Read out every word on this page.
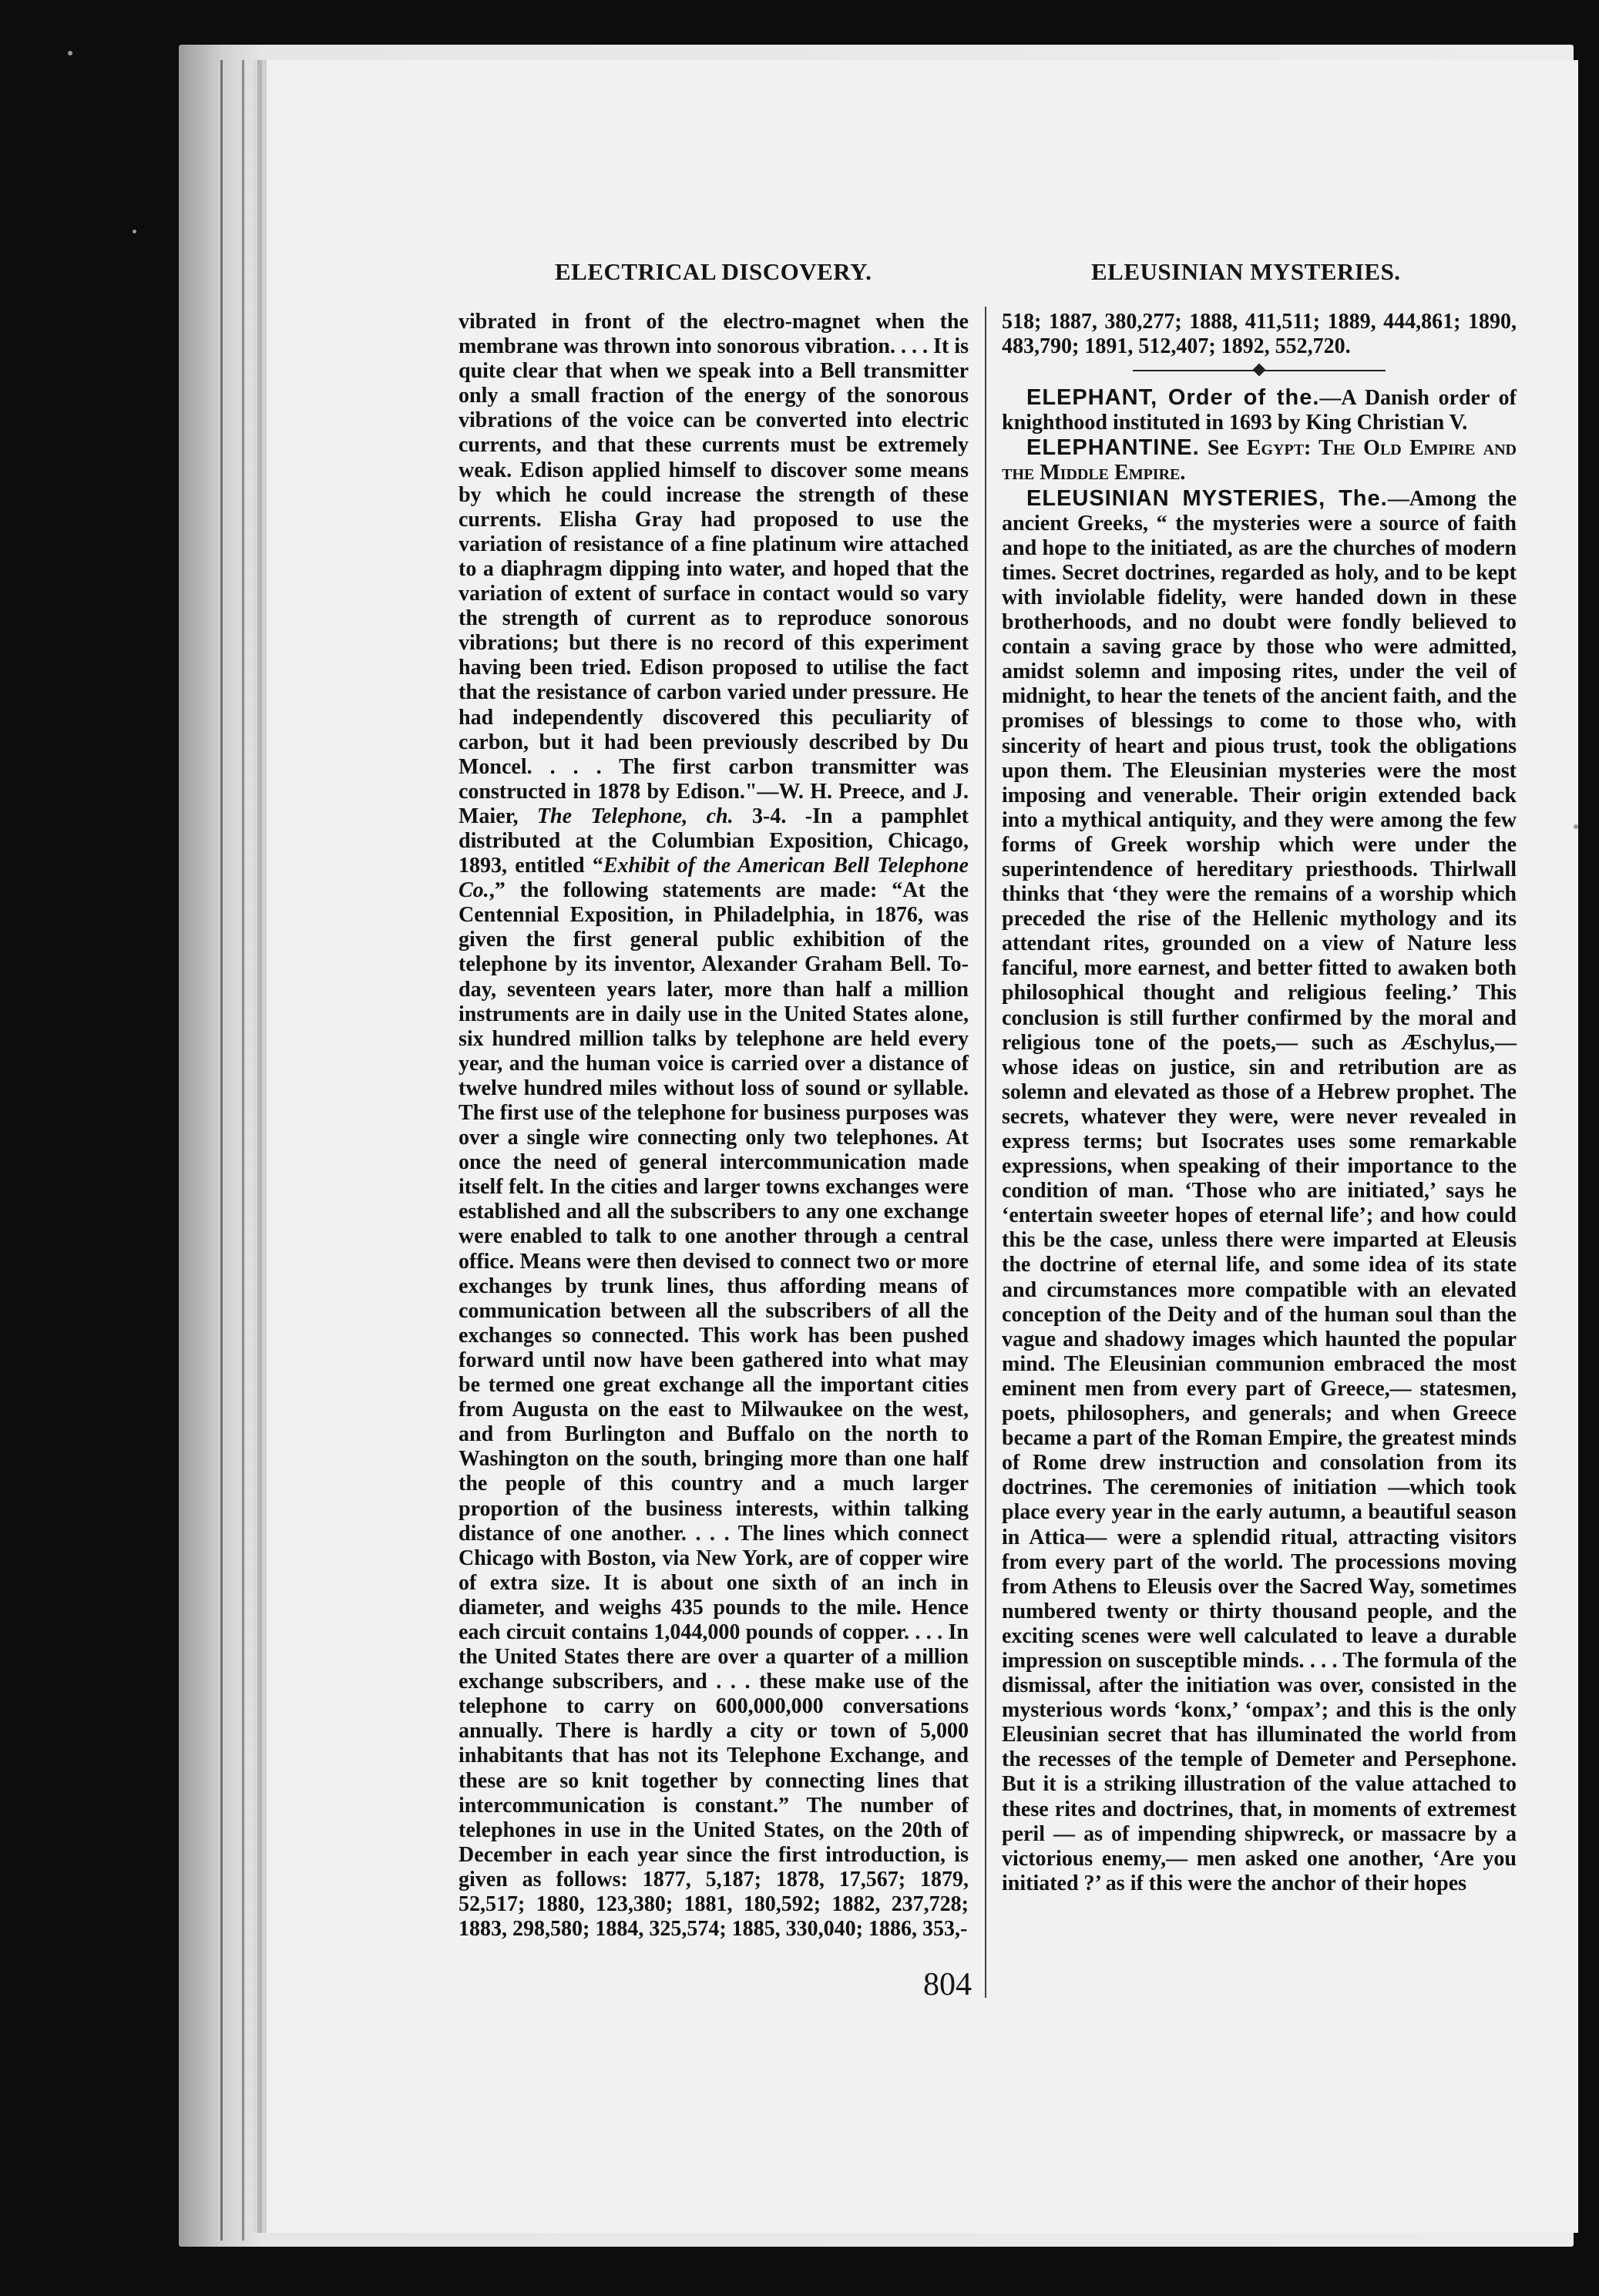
ELECTRICAL DISCOVERY.	ELEUSINIAN MYSTERIES.

vibrated in front of the electro-magnet when the membrane was thrown into sonorous vibration. . . . It is quite clear that when we speak into a Bell transmitter only a small fraction of the energy of the sonorous vibrations of the voice can be converted into electric currents, and that these currents must be extremely weak. Edison applied himself to discover some means by which he could increase the strength of these currents. Elisha Gray had proposed to use the variation of resistance of a fine platinum wire attached to a diaphragm dipping into water, and hoped that the variation of extent of surface in contact would so vary the strength of current as to reproduce sonorous vibrations; but there is no record of this experiment having been tried. Edison proposed to utilise the fact that the resistance of carbon varied under pressure. He had independently discovered this peculiarity of carbon, but it had been previously described by Du Moncel. . . . The first carbon transmitter was constructed in 1878 by Edison."—W. H. Preece, and J. Maier, The Telephone, ch. 3-4. -In a pamphlet distributed at the Columbian Exposition, Chicago, 1893, entitled “Exhibit of the American Bell Telephone Co.,” the following statements are made: “At the Centennial Exposition, in Philadelphia, in 1876, was given the first general public exhibition of the telephone by its inventor, Alexander Graham Bell. To-day, seventeen years later, more than half a million instruments are in daily use in the United States alone, six hundred million talks by telephone are held every year, and the human voice is carried over a distance of twelve hundred miles without loss of sound or syllable. The first use of the telephone for business purposes was over a single wire connecting only two telephones. At once the need of general intercommunication made itself felt. In the cities and larger towns exchanges were established and all the subscribers to any one exchange were enabled to talk to one another through a central office. Means were then devised to connect two or more exchanges by trunk lines, thus affording means of communication between all the subscribers of all the exchanges so connected. This work has been pushed forward until now have been gathered into what may be termed one great exchange all the important cities from Augusta on the east to Milwaukee on the west, and from Burlington and Buffalo on the north to Washington on the south, bringing more than one half the people of this country and a much larger proportion of the business interests, within talking distance of one another. . . . The lines which connect Chicago with Boston, via New York, are of copper wire of extra size. It is about one sixth of an inch in diameter, and weighs 435 pounds to the mile. Hence each circuit contains 1,044,000 pounds of copper. . . . In the United States there are over a quarter of a million exchange subscribers, and . . . these make use of the telephone to carry on 600,000,000 conversations annually. There is hardly a city or town of 5,000 inhabitants that has not its Telephone Exchange, and these are so knit together by connecting lines that intercommunication is constant.” The number of telephones in use in the United States, on the 20th of December in each year since the first introduction, is given as follows: 1877, 5,187; 1878, 17,567; 1879, 52,517; 1880, 123,380; 1881, 180,592; 1882, 237,728; 1883, 298,580; 1884, 325,574; 1885, 330,040; 1886, 353,-

518; 1887, 380,277; 1888, 411,511; 1889, 444,861; 1890, 483,790; 1891, 512,407; 1892, 552,720.

ELEPHANT, Order of the.—A Danish order of knighthood instituted in 1693 by King Christian V.

ELEPHANTINE. See Egypt: The Old Empire and the Middle Empire.

ELEUSINIAN MYSTERIES, The.—Among the ancient Greeks, “ the mysteries were a source of faith and hope to the initiated, as are the churches of modern times. Secret doctrines, regarded as holy, and to be kept with inviolable fidelity, were handed down in these brotherhoods, and no doubt were fondly believed to contain a saving grace by those who were admitted, amidst solemn and imposing rites, under the veil of midnight, to hear the tenets of the ancient faith, and the promises of blessings to come to those who, with sincerity of heart and pious trust, took the obligations upon them. The Eleusinian mysteries were the most imposing and venerable. Their origin extended back into a mythical antiquity, and they were among the few forms of Greek worship which were under the superintendence of hereditary priesthoods. Thirlwall thinks that ‘they were the remains of a worship which preceded the rise of the Hellenic mythology and its attendant rites, grounded on a view of Nature less fanciful, more earnest, and better fitted to awaken both philosophical thought and religious feeling.’ This conclusion is still further confirmed by the moral and religious tone of the poets,— such as Æschylus,— whose ideas on justice, sin and retribution are as solemn and elevated as those of a Hebrew prophet. The secrets, whatever they were, were never revealed in express terms; but Isocrates uses some remarkable expressions, when speaking of their importance to the condition of man. ‘Those who are initiated,’ says he ‘entertain sweeter hopes of eternal life’; and how could this be the case, unless there were imparted at Eleusis the doctrine of eternal life, and some idea of its state and circumstances more compatible with an elevated conception of the Deity and of the human soul than the vague and shadowy images which haunted the popular mind. The Eleusinian communion embraced the most eminent men from every part of Greece,— statesmen, poets, philosophers, and generals; and when Greece became a part of the Roman Empire, the greatest minds of Rome drew instruction and consolation from its doctrines. The ceremonies of initiation —which took place every year in the early autumn, a beautiful season in Attica— were a splendid ritual, attracting visitors from every part of the world. The processions moving from Athens to Eleusis over the Sacred Way, sometimes numbered twenty or thirty thousand people, and the exciting scenes were well calculated to leave a durable impression on susceptible minds. . . . The formula of the dismissal, after the initiation was over, consisted in the mysterious words ‘konx,’ ‘ompax’; and this is the only Eleusinian secret that has illuminated the world from the recesses of the temple of Demeter and Persephone. But it is a striking illustration of the value attached to these rites and doctrines, that, in moments of extremest peril — as of impending shipwreck, or massacre by a victorious enemy,— men asked one another, ‘Are you initiated ?’ as if this were the anchor of their hopes

804
